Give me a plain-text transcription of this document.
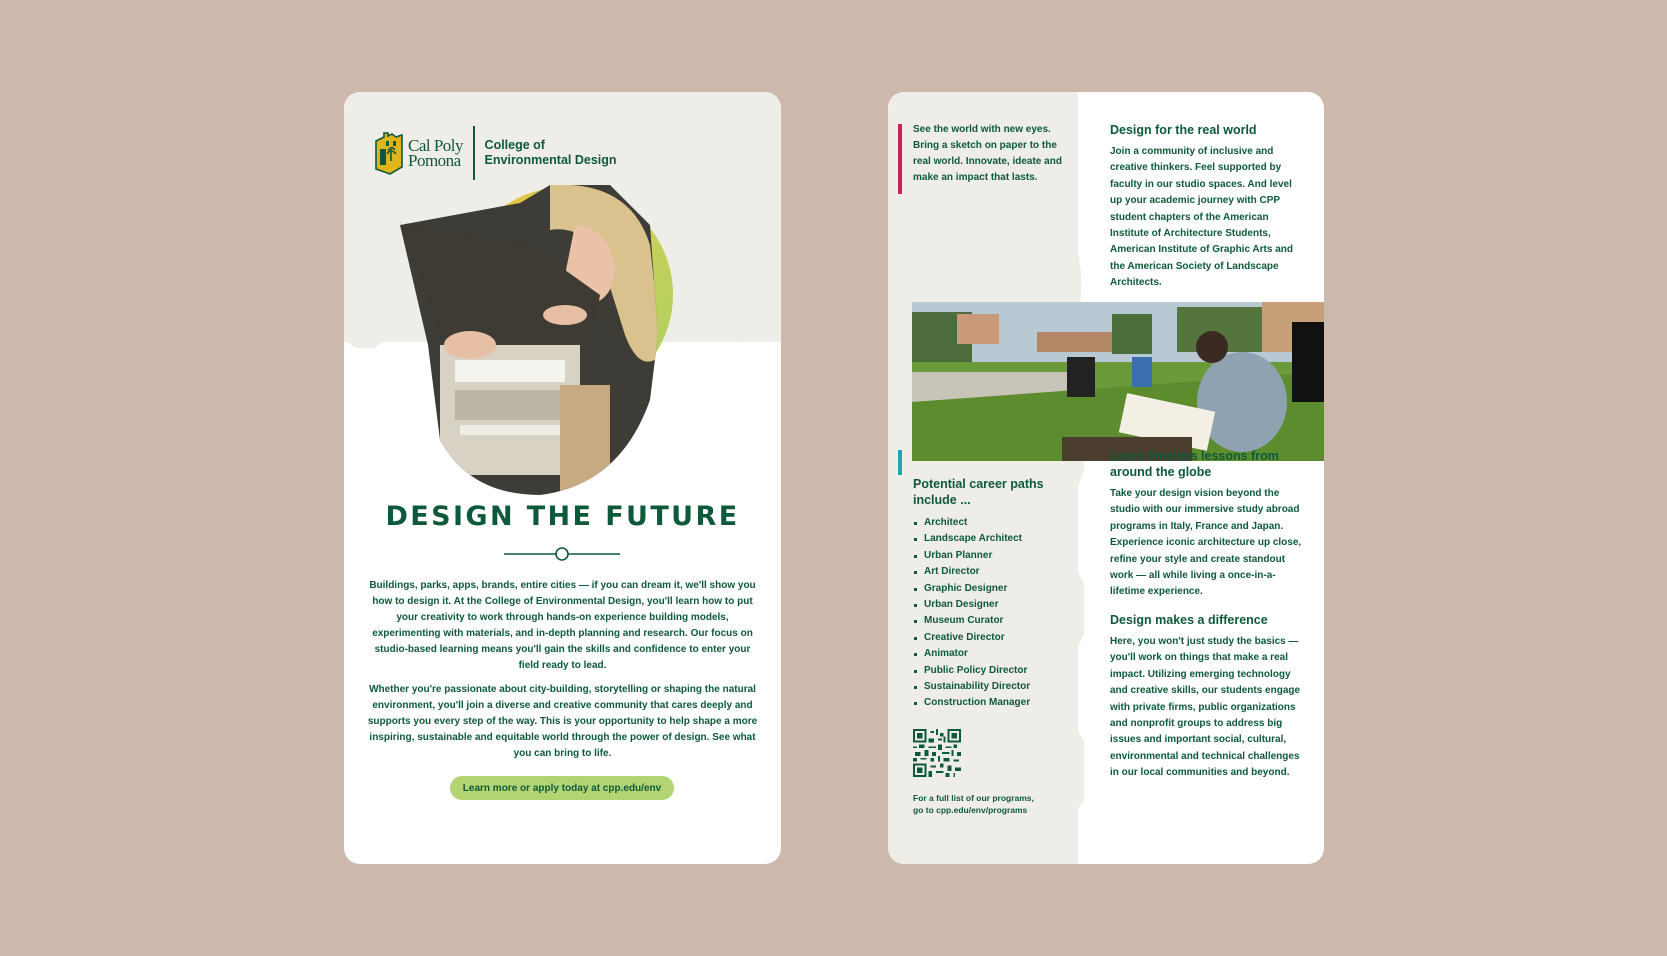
Cal Poly
Pomona
College of
Environmental Design
DESIGN THE FUTURE

Buildings, parks, apps, brands, entire cities — if you can dream it, we'll show you how to design it. At the College of Environmental Design, you'll learn how to put your creativity to work through hands-on experience building models, experimenting with materials, and in-depth planning and research. Our focus on studio-based learning means you'll gain the skills and confidence to enter your field ready to lead.

Whether you're passionate about city-building, storytelling or shaping the natural environment, you'll join a diverse and creative community that cares deeply and supports you every step of the way. This is your opportunity to help shape a more inspiring, sustainable and equitable world through the power of design. See what you can bring to life.

Learn more or apply today at cpp.edu/env
See the world with new eyes. Bring a sketch on paper to the real world. Innovate, ideate and make an impact that lasts.
Design for the real world
Join a community of inclusive and creative thinkers. Feel supported by faculty in our studio spaces. And level up your academic journey with CPP student chapters of the American Institute of Architecture Students, American Institute of Graphic Arts and the American Society of Landscape Architects.
Potential career paths include ...
Architect
Landscape Architect
Urban Planner
Art Director
Graphic Designer
Urban Designer
Museum Curator
Creative Director
Animator
Public Policy Director
Sustainability Director
Construction Manager
For a full list of our programs,
go to cpp.edu/env/programs
Learn timeless lessons from around the globe
Take your design vision beyond the studio with our immersive study abroad programs in Italy, France and Japan. Experience iconic architecture up close, refine your style and create standout work — all while living a once-in-a-lifetime experience.
Design makes a difference
Here, you won't just study the basics — you'll work on things that make a real impact. Utilizing emerging technology and creative skills, our students engage with private firms, public organizations and nonprofit groups to address big issues and important social, cultural, environmental and technical challenges in our local communities and beyond.
